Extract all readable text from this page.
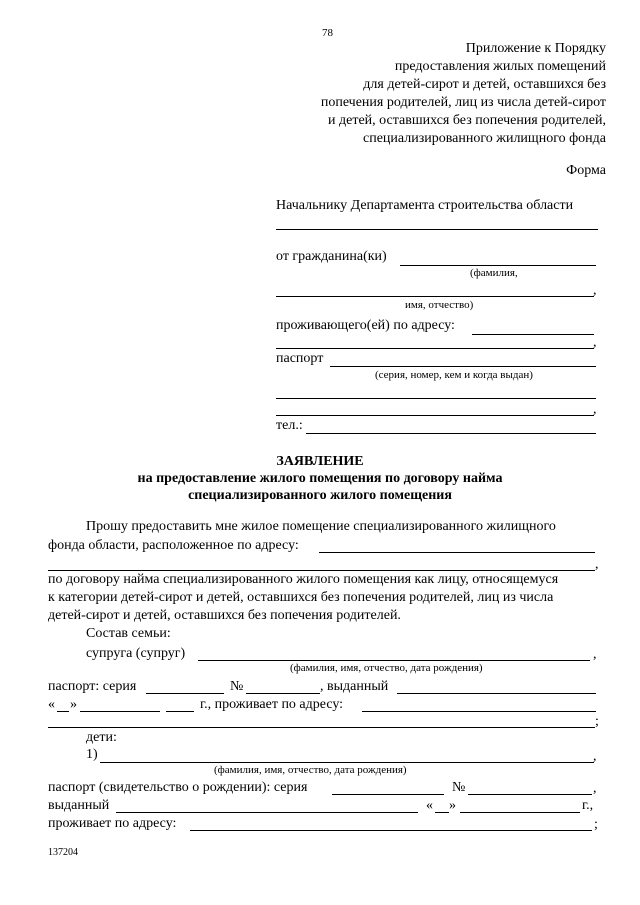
78
Приложение к Порядку
предоставления жилых помещений
для детей-сирот и детей, оставшихся без
попечения родителей, лиц из числа детей-сирот
и детей, оставшихся без попечения родителей,
специализированного жилищного фонда
Форма
Начальнику Департамента строительства области
от гражданина(ки)
(фамилия,
,
имя, отчество)
проживающего(ей) по адресу:
,
паспорт
(серия, номер, кем и когда выдан)
,
тел.:
ЗАЯВЛЕНИЕ
на предоставление жилого помещения по договору найма
специализированного жилого помещения
Прошу предоставить мне жилое помещение специализированного жилищного
фонда области, расположенное по адресу:
,
по договору найма специализированного жилого помещения как лицу, относящемуся
к категории детей-сирот и детей, оставшихся без попечения родителей, лиц из числа
детей-сирот и детей, оставшихся без попечения родителей.
Состав семьи:
супруга (супруг)	,
(фамилия, имя, отчество, дата рождения)
паспорт: серия	№	, выданный
« »	г., проживает по адресу:
;
дети:
1)	,
(фамилия, имя, отчество, дата рождения)
паспорт (свидетельство о рождении): серия	№	,
выданный	« »	г.,
проживает по адресу:	;
137204
